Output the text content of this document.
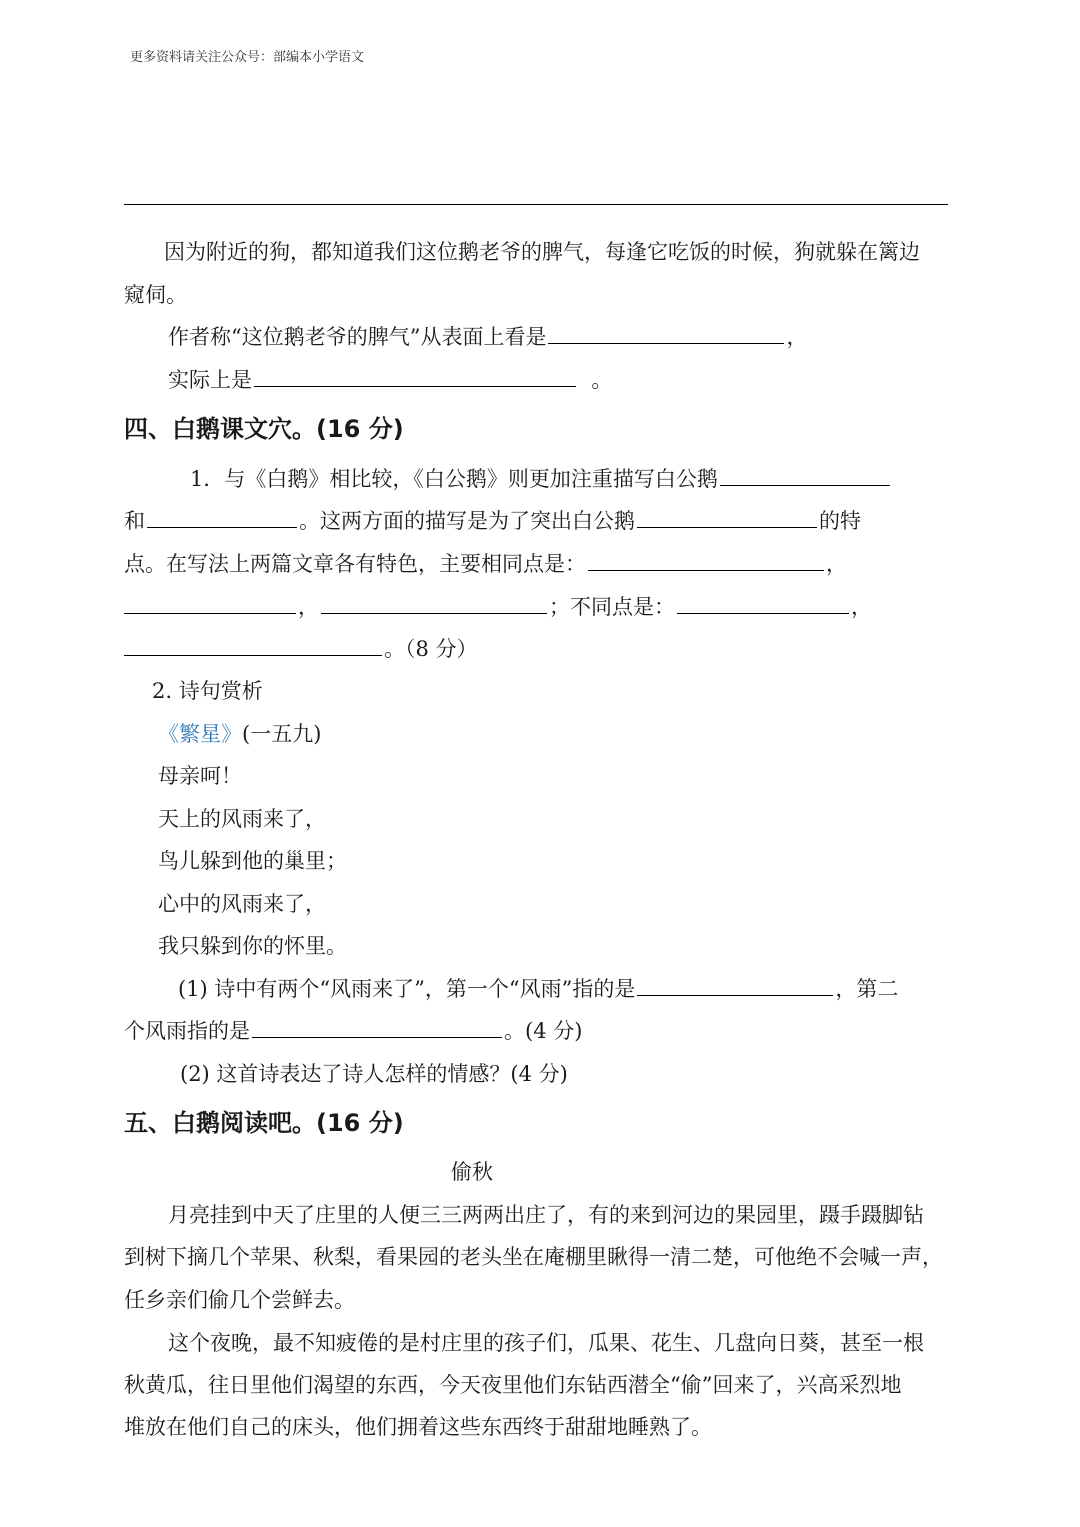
更多资料请关注公众号：部编本小学语文
因为附近的狗，都知道我们这位鹅老爷的脾气，每逢它吃饭的时候，狗就躲在篱边
窥伺。
作者称“这位鹅老爷的脾气”从表面上看是	，
实际上是	。
四、白鹅课文穴。(16 分)
1．与《白鹅》相比较，《白公鹅》则更加注重描写白公鹅
和	。这两方面的描写是为了突出白公鹅	的特
点。在写法上两篇文章各有特色，主要相同点是：	，
，	；不同点是：	，
。（8 分）
2. 诗句赏析
《繁星》(一五九)
母亲呵！
天上的风雨来了，
鸟儿躲到他的巢里；
心中的风雨来了，
我只躲到你的怀里。
(1) 诗中有两个“风雨来了”，第一个“风雨”指的是	，第二
个风雨指的是	。(4 分)
(2) 这首诗表达了诗人怎样的情感？(4 分)
五、白鹅阅读吧。(16 分)
偷秋
月亮挂到中天了庄里的人便三三两两出庄了，有的来到河边的果园里，蹑手蹑脚钻
到树下摘几个苹果、秋梨，看果园的老头坐在庵棚里瞅得一清二楚，可他绝不会喊一声，
任乡亲们偷几个尝鲜去。
这个夜晚，最不知疲倦的是村庄里的孩子们，瓜果、花生、几盘向日葵，甚至一根
秋黄瓜，往日里他们渴望的东西，今天夜里他们东钻西潜全“偷”回来了，兴高采烈地
堆放在他们自己的床头，他们拥着这些东西终于甜甜地睡熟了。
